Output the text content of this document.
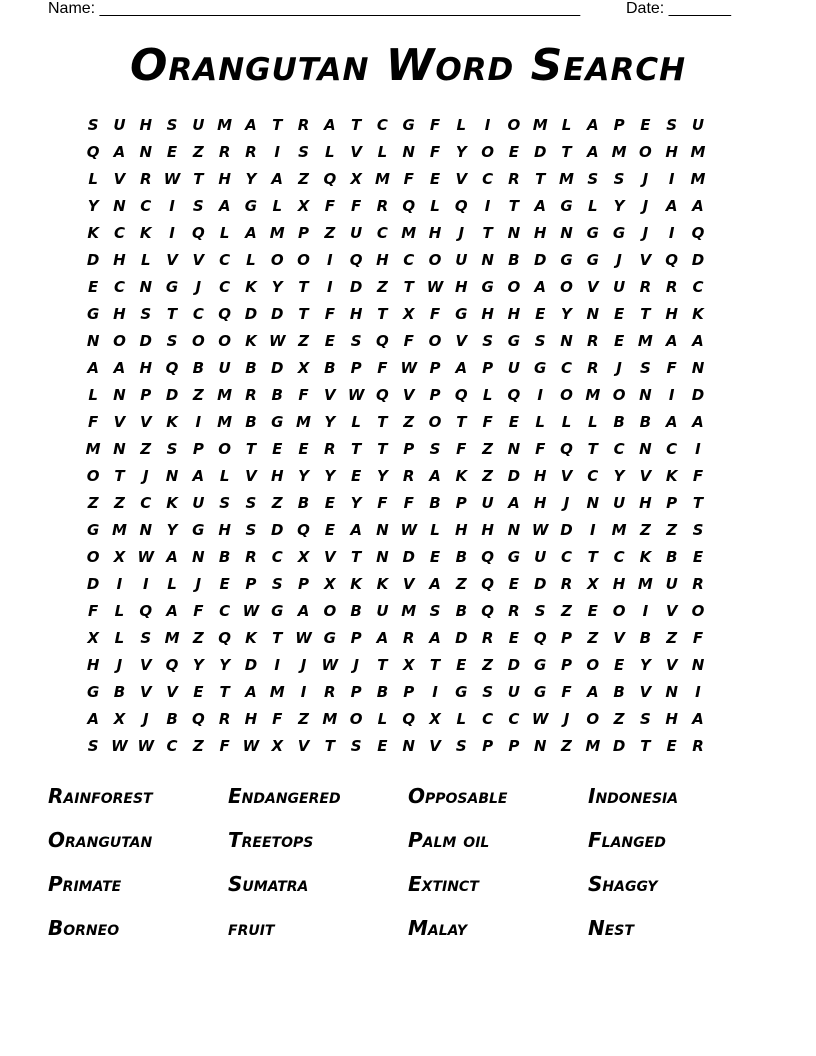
Name: ______________________________________________________	Date: _______
Orangutan Word Search
S U H S U M A	T	R A	T	C G	F	L	I	O M L	A P	E	S U
Q A N E	Z	R R	I	S	L	V	L	N F	Y O E D T	A M O H M
L	V R W T H Y	A	Z Q X M F	E	V C	R	T M S	S	J	I	M
Y N C	I	S	A G	L	X	F	F	R Q	L	Q	I	T	A G	L	Y	J	A A
K C K	I	Q	L	A M P	Z U C M H	J	T N H N G G	J	I	Q
D H	L	V V C	L	O O	I	Q H C O U N B D G G	J	V Q D
E	C N G	J	C K	Y	T	I	D Z	T W H G O A O V U R R	C
G H S	T	C Q D D T	F H T	X	F	G H H E	Y N E	T H K
N O D S O O K W Z	E	S Q F O V	S G S N R	E M A A
A A H Q B U B D X B	P	F W P	A P U G C	R	J	S	F N
L	N P D Z M R B	F	V W Q V P Q	L	Q	I	O M O N	I	D
F	V V K	I	M B G M Y	L	T	Z O T	F	E	L	L	L	B B A A
M N Z	S	P O T	E	E	R	T	T	P	S	F	Z N F Q T	C N C	I
O T	J	N A	L	V H Y	Y	E	Y	R A K	Z D H V C	Y	V K	F
Z	Z	C K U S	S	Z	B	E	Y	F	F	B	P U A H	J	N U H P	T
G M N Y G H S D Q E	A N W L	H H N W D	I	M Z	Z	S
O X W A N B R	C	X V	T N D E	B Q G U C	T	C K B	E
D	I	I	L	J	E	P	S	P	X K K V A	Z Q E D R X H M U R
F	L	Q A	F	C W G A O B U M S	B Q R	S	Z	E O	I	V O
X	L	S M Z Q K	T W G P	A R A D R	E Q P	Z	V B	Z	F
H	J	V Q Y	Y D	I	J	W	J	T	X	T	E	Z D G P O E	Y	V N
G B V V	E	T	A M	I	R	P	B	P	I	G S U G	F	A B V N	I
A X	J	B Q R H F	Z M O	L	Q X	L	C	C W	J	O Z	S H A
S W W C	Z	F W X V	T	S	E N V	S	P	P N Z M D T	E	R
Rainforest	Endangered	Opposable	Indonesia
Orangutan	Treetops	Palm oil	Flanged
Primate	Sumatra	Extinct	Shaggy
Borneo	fruit	Malay	Nest
